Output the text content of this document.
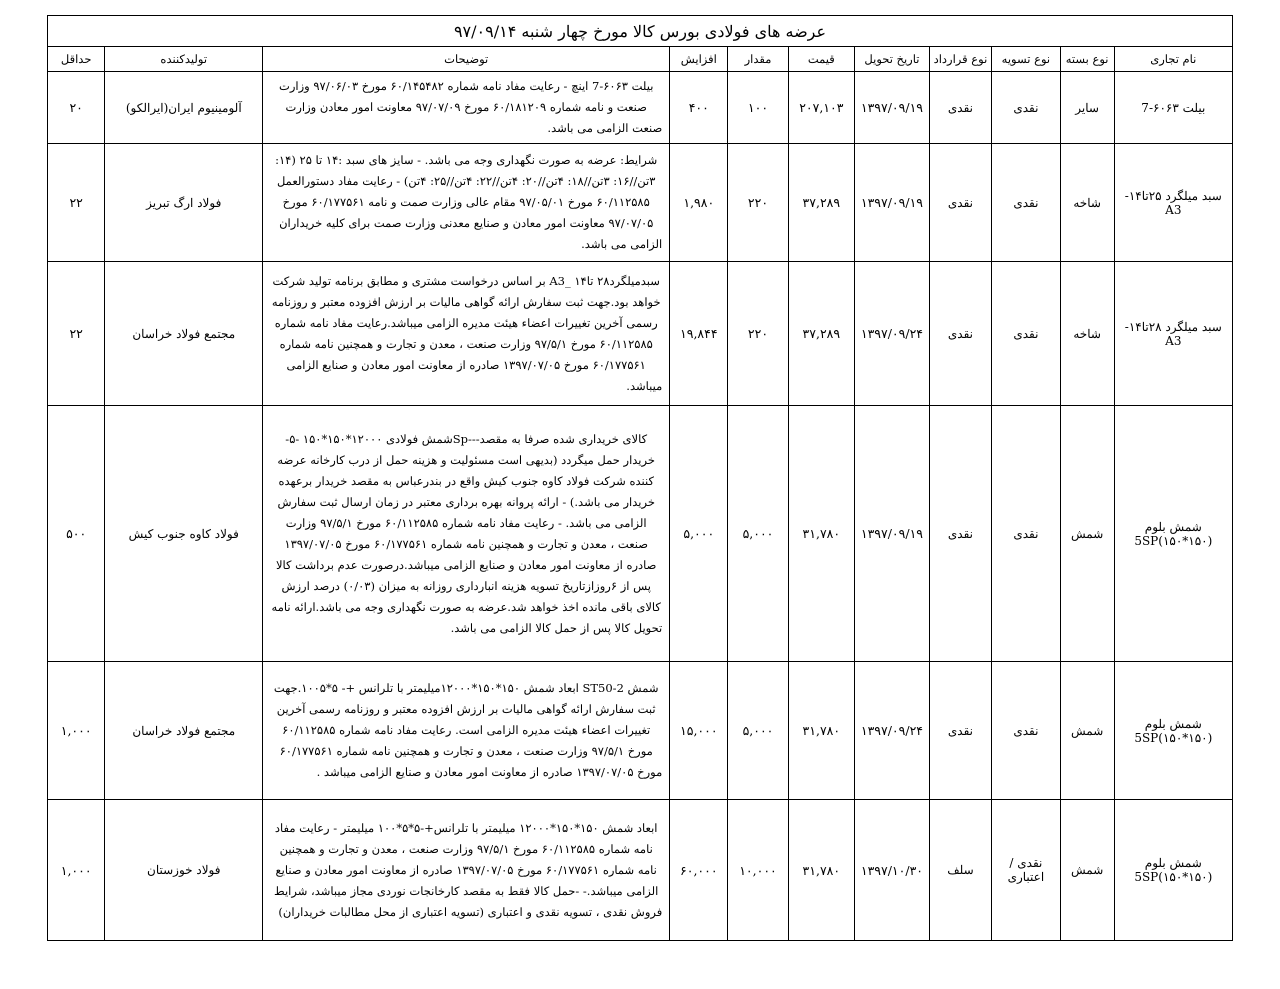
عرضه های فولادی بورس کالا مورخ چهار شنبه ۹۷/۰۹/۱۴										
نام تجاری	نوع بسته	نوع تسویه	نوع قرارداد	تاریخ تحویل	قیمت	مقدار	افزایش	توضیحات	تولیدکننده	حداقل
بیلت ۶۰۶۳-7	سایر	نقدی	نقدی	۱۳۹۷/۰۹/۱۹	۲۰۷,۱۰۳	۱۰۰	۴۰۰	بیلت ۶۰۶۳-7 اینچ - رعایت مفاد نامه شماره ۶۰/۱۴۵۴۸۲ مورخ ۹۷/۰۶/۰۳ وزارت صنعت و نامه شماره ۶۰/۱۸۱۲۰۹ مورخ ۹۷/۰۷/۰۹ معاونت امور معادن وزارت صنعت الزامی می باشد.	آلومینیوم ایران(ایرالکو)	۲۰
سبد میلگرد ۲۵تا۱۴-A3	شاخه	نقدی	نقدی	۱۳۹۷/۰۹/۱۹	۳۷,۲۸۹	۲۲۰	۱,۹۸۰	شرایط: عرضه به صورت نگهداری وجه می باشد. - سایز های سبد :۱۴ تا ۲۵ (۱۴: ۳تن//۱۶: ۳تن//۱۸: ۴تن//۲۰: ۴تن//۲۲: ۴تن//۲۵: ۴تن) - رعایت مفاد دستورالعمل ۶۰/۱۱۲۵۸۵ مورخ ۹۷/۰۵/۰۱ مقام عالی وزارت صمت و نامه ۶۰/۱۷۷۵۶۱ مورخ ۹۷/۰۷/۰۵ معاونت امور معادن و صنایع معدنی وزارت صمت برای کلیه خریداران الزامی می باشد.	فولاد ارگ تبریز	۲۲
سبد میلگرد ۲۸تا۱۴-A3	شاخه	نقدی	نقدی	۱۳۹۷/۰۹/۲۴	۳۷,۲۸۹	۲۲۰	۱۹,۸۴۴	سبدمیلگرد۲۸ تا۱۴ _A3 بر اساس درخواست مشتری و مطابق برنامه تولید شرکت خواهد بود.جهت ثبت سفارش ارائه گواهی مالیات بر ارزش افزوده معتبر و روزنامه رسمی آخرین تغییرات اعضاء هیئت مدیره الزامی میباشد.رعایت مفاد نامه شماره ۶۰/۱۱۲۵۸۵ مورخ ۹۷/۵/۱ وزارت صنعت ، معدن و تجارت و همچنین نامه شماره ۶۰/۱۷۷۵۶۱ مورخ ۱۳۹۷/۰۷/۰۵ صادره از معاونت امور معادن و صنایع الزامی میباشد.	مجتمع فولاد خراسان	۲۲
شمش بلوم (۱۵۰*۱۵۰)5SP	شمش	نقدی	نقدی	۱۳۹۷/۰۹/۱۹	۳۱,۷۸۰	۵,۰۰۰	۵,۰۰۰	کالای خریداری شده صرفا به مقصد---Spشمش فولادی ۱۲۰۰۰*۱۵۰*۱۵۰ -۵- خریدار حمل میگردد (بدیهی است مسئولیت و هزینه حمل از درب کارخانه عرضه کننده شرکت فولاد کاوه جنوب کیش واقع در بندرعباس به مقصد خریدار برعهده خریدار می باشد.) - ارائه پروانه بهره برداری معتبر در زمان ارسال ثبت سفارش الزامی می باشد. - رعایت مفاد نامه شماره ۶۰/۱۱۲۵۸۵ مورخ ۹۷/۵/۱ وزارت صنعت ، معدن و تجارت و همچنین نامه شماره ۶۰/۱۷۷۵۶۱ مورخ ۱۳۹۷/۰۷/۰۵ صادره از معاونت امور معادن و صنایع الزامی میباشد.درصورت عدم برداشت کالا پس از ۶روزازتاریخ تسویه هزینه انبارداری روزانه به میزان (۰/۰۳) درصد ارزش کالای باقی مانده اخذ خواهد شد.عرضه به صورت نگهداری وجه می باشد.ارائه نامه تحویل کالا پس از حمل کالا الزامی می باشد.	فولاد کاوه جنوب کیش	۵۰۰
شمش بلوم (۱۵۰*۱۵۰)5SP	شمش	نقدی	نقدی	۱۳۹۷/۰۹/۲۴	۳۱,۷۸۰	۵,۰۰۰	۱۵,۰۰۰	شمش ST50-2 ابعاد شمش ۱۵۰*۱۵۰*۱۲۰۰۰میلیمتر با تلرانس +- ۵*۱۰۰۵.جهت ثبت سفارش ارائه گواهی مالیات بر ارزش افزوده معتبر و روزنامه رسمی آخرین تغییرات اعضاء هیئت مدیره الزامی است. رعایت مفاد نامه شماره ۶۰/۱۱۲۵۸۵ مورخ ۹۷/۵/۱ وزارت صنعت ، معدن و تجارت و همچنین نامه شماره ۶۰/۱۷۷۵۶۱ مورخ ۱۳۹۷/۰۷/۰۵ صادره از معاونت امور معادن و صنایع الزامی میباشد .	مجتمع فولاد خراسان	۱,۰۰۰
شمش بلوم (۱۵۰*۱۵۰)5SP	شمش	نقدی / اعتباری	سلف	۱۳۹۷/۱۰/۳۰	۳۱,۷۸۰	۱۰,۰۰۰	۶۰,۰۰۰	ابعاد شمش ۱۵۰*۱۵۰*۱۲۰۰۰ میلیمتر با تلرانس+-۵*۵*۱۰۰ میلیمتر - رعایت مفاد نامه شماره ۶۰/۱۱۲۵۸۵ مورخ ۹۷/۵/۱ وزارت صنعت ، معدن و تجارت و همچنین نامه شماره ۶۰/۱۷۷۵۶۱ مورخ ۱۳۹۷/۰۷/۰۵ صادره از معاونت امور معادن و صنایع الزامی میباشد.- -حمل کالا فقط به مقصد کارخانجات نوردی مجاز میباشد، شرایط فروش نقدی ، تسویه نقدی و اعتباری (تسویه اعتباری از محل مطالبات خریداران)	فولاد خوزستان	۱,۰۰۰
